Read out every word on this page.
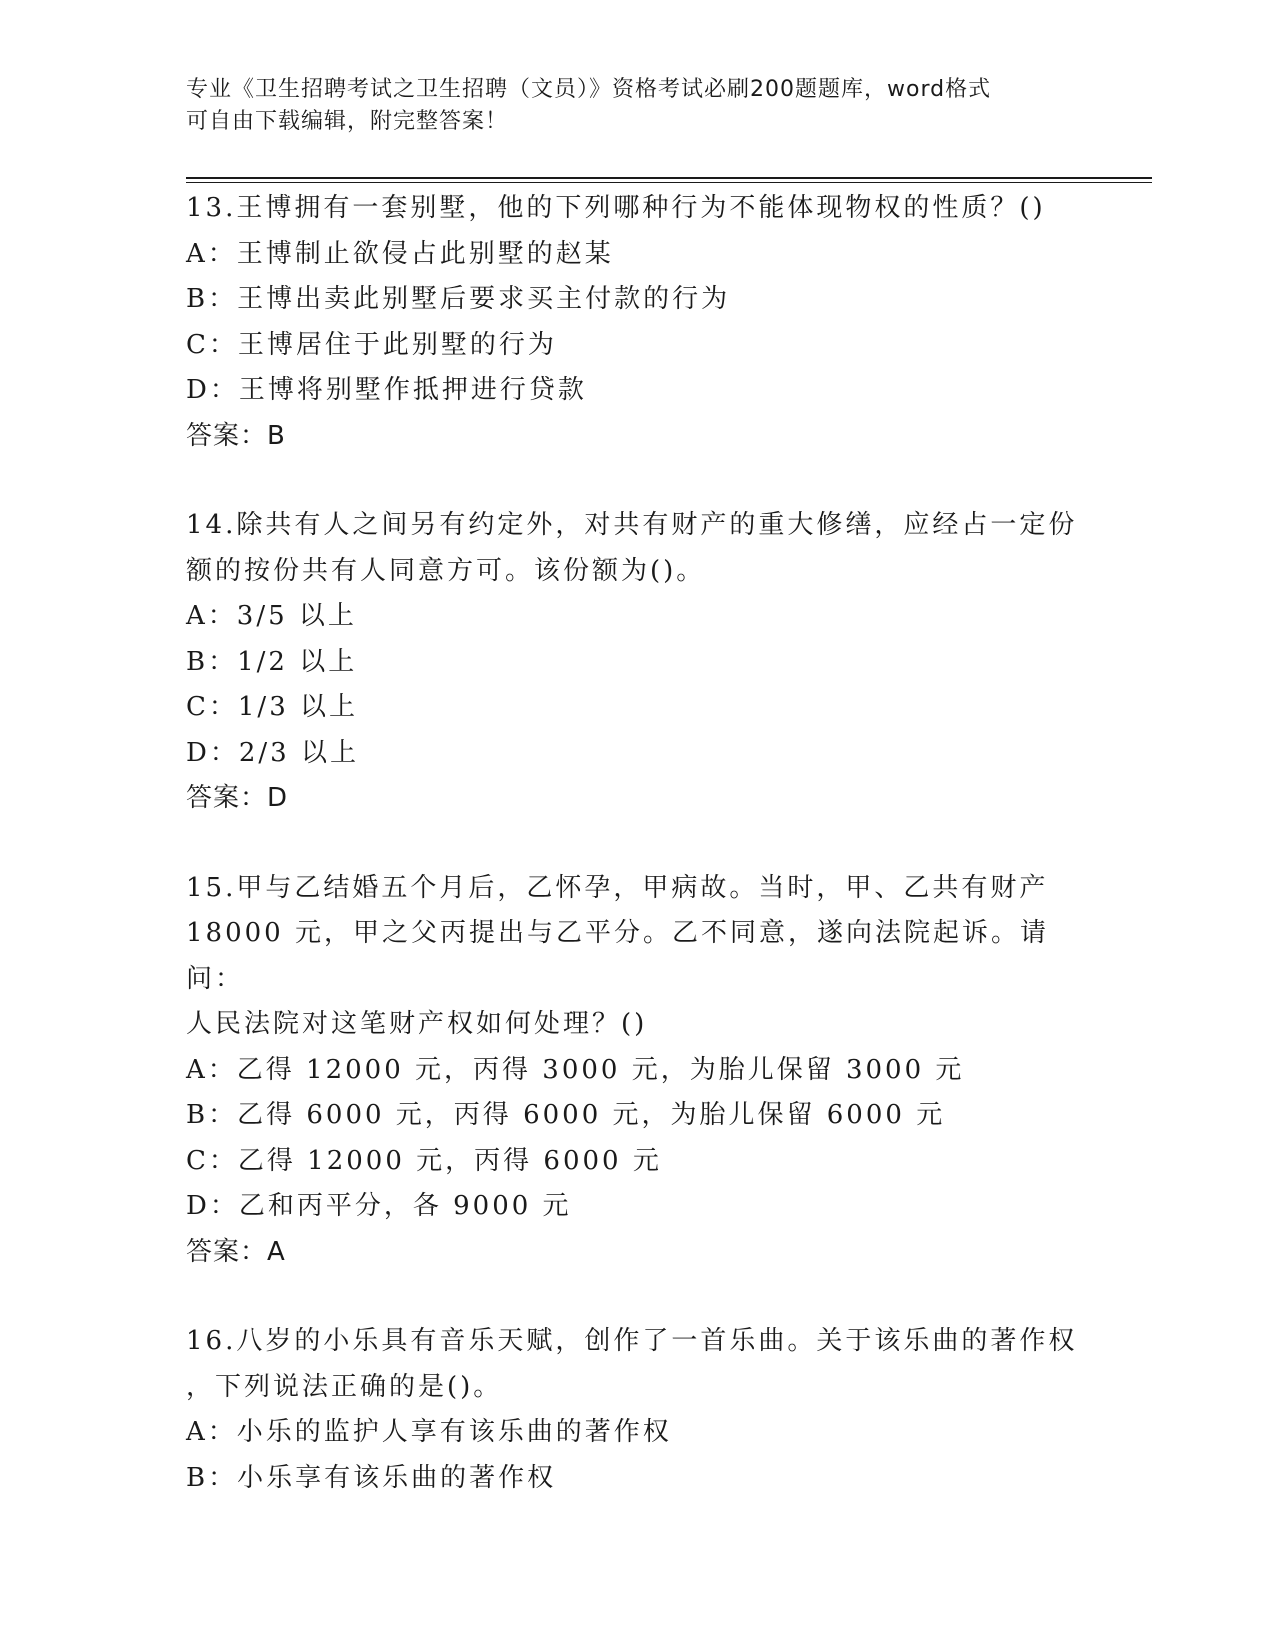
专业《卫生招聘考试之卫生招聘（文员）》资格考试必刷200题题库，word格式
可自由下载编辑，附完整答案！
13.王博拥有一套别墅，他的下列哪种行为不能体现物权的性质？()
A：王博制止欲侵占此别墅的赵某
B：王博出卖此别墅后要求买主付款的行为
C：王博居住于此别墅的行为
D：王博将别墅作抵押进行贷款
答案：B
14.除共有人之间另有约定外，对共有财产的重大修缮，应经占一定份
额的按份共有人同意方可。该份额为()。
A：3/5 以上
B：1/2 以上
C：1/3 以上
D：2/3 以上
答案：D
15.甲与乙结婚五个月后，乙怀孕，甲病故。当时，甲、乙共有财产
18000 元，甲之父丙提出与乙平分。乙不同意，遂向法院起诉。请问：
人民法院对这笔财产权如何处理？()
A：乙得 12000 元，丙得 3000 元，为胎儿保留 3000 元
B：乙得 6000 元，丙得 6000 元，为胎儿保留 6000 元
C：乙得 12000 元，丙得 6000 元
D：乙和丙平分，各 9000 元
答案：A
16.八岁的小乐具有音乐天赋，创作了一首乐曲。关于该乐曲的著作权
，下列说法正确的是()。
A：小乐的监护人享有该乐曲的著作权
B：小乐享有该乐曲的著作权
